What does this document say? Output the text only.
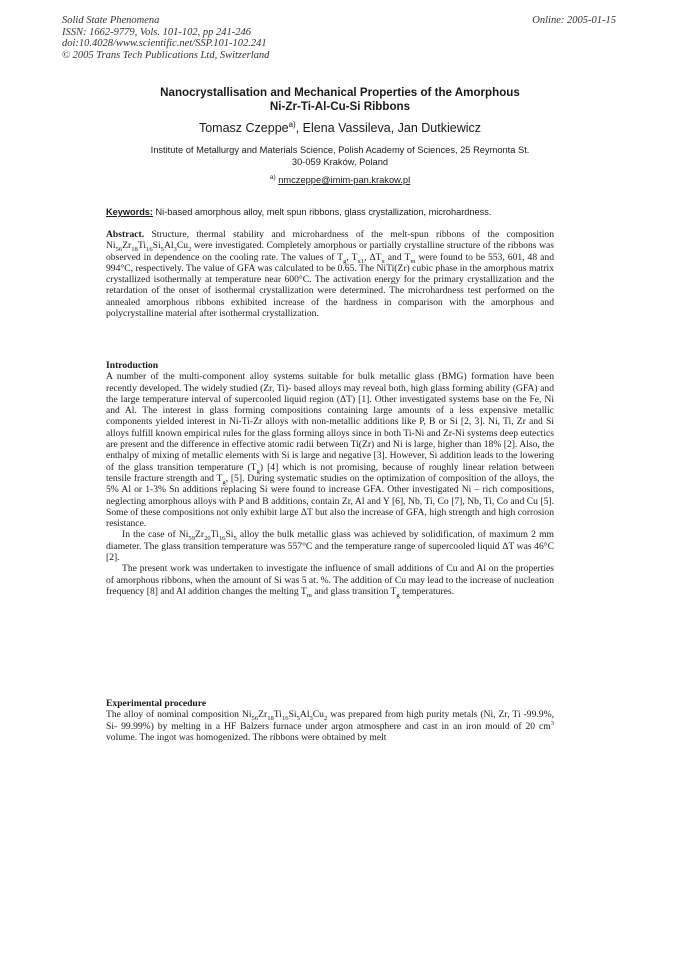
Solid State Phenomena
ISSN: 1662-9779, Vols. 101-102, pp 241-246
doi:10.4028/www.scientific.net/SSP.101-102.241
© 2005 Trans Tech Publications Ltd, Switzerland
Online: 2005-01-15
Nanocrystallisation and Mechanical Properties of the Amorphous
Ni-Zr-Ti-Al-Cu-Si Ribbons
Tomasz Czeppe$^{a)}$, Elena Vassileva, Jan Dutkiewicz
Institute of Metallurgy and Materials Science, Polish Academy of Sciences, 25 Reymonta St.
30-059 Kraków, Poland
$^{a)}$ nmczeppe@imim-pan.krakow.pl
Keywords: Ni-based amorphous alloy, melt spun ribbons, glass crystallization, microhardness.

Abstract. Structure, thermal stability and microhardness of the melt-spun ribbons of the composition $Ni_{56}Zr_{18}Ti_{16}Si_5Al_3Cu_2$ were investigated. Completely amorphous or partially crystalline structure of the ribbons was observed in dependence on the cooling rate. The values of $T_g$, $T_{x1}$, $\Delta T_x$ and $T_m$ were found to be 553, 601, 48 and 994°C, respectively. The value of GFA was calculated to be 0.65. The NiTi(Zr) cubic phase in the amorphous matrix crystallized isothermally at temperature near 600°C. The activation energy for the primary crystallization and the retardation of the onset of isothermal crystallization were determined. The microhardness test performed on the annealed amorphous ribbons exhibited increase of the hardness in comparison with the amorphous and polycrystalline material after isothermal crystallization.

Introduction

A number of the multi-component alloy systems suitable for bulk metallic glass (BMG) formation have been recently developed. The widely studied (Zr, Ti)- based alloys may reveal both, high glass forming ability (GFA) and the large temperature interval of supercooled liquid region (ΔT) [1]. Other investigated systems base on the Fe, Ni and Al. The interest in glass forming compositions containing large amounts of a less expensive metallic components yielded interest in Ni-Ti-Zr alloys with non-metallic additions like P, B or Si [2, 3]. Ni, Ti, Zr and Si alloys fulfill known empirical rules for the glass forming alloys since in both Ti-Ni and Zr-Ni systems deep eutectics are present and the difference in effective atomic radii between Ti(Zr) and Ni is large, higher than 18% [2]. Also, the enthalpy of mixing of metallic elements with Si is large and negative [3]. However, Si addition leads to the lowering of the glass transition temperature $(T_g)$ [4] which is not promising, because of roughly linear relation between tensile fracture strength and $T_g$, [5]. During systematic studies on the optimization of composition of the alloys, the 5% Al or 1-3% Sn additions replacing Si were found to increase GFA. Other investigated Ni – rich compositions, neglecting amorphous alloys with P and B additions, contain Zr, Al and Y [6], Nb, Ti, Co [7], Nb, Ti, Co and Cu [5]. Some of these compositions not only exhibit large ΔT but also the increase of GFA, high strength and high corrosion resistance.

In the case of $Ni_{59}Zr_{20}Ti_{16}Si_5$ alloy the bulk metallic glass was achieved by solidification, of maximum 2 mm diameter. The glass transition temperature was 557°C and the temperature range of supercooled liquid ΔT was 46°C [2].

The present work was undertaken to investigate the influence of small additions of Cu and Al on the properties of amorphous ribbons, when the amount of Si was 5 at. %. The addition of Cu may lead to the increase of nucleation frequency [8] and Al addition changes the melting $T_m$ and glass transition $T_g$ temperatures.

Experimental procedure

The alloy of nominal composition $Ni_{56}Zr_{18}Ti_{16}Si_5Al_3Cu_2$ was prepared from high purity metals (Ni, Zr, Ti -99.9%, Si- 99.99%) by melting in a HF Balzers furnace under argon atmosphere and cast in an iron mould of 20 $cm^3$ volume. The ingot was homogenized. The ribbons were obtained by melt
